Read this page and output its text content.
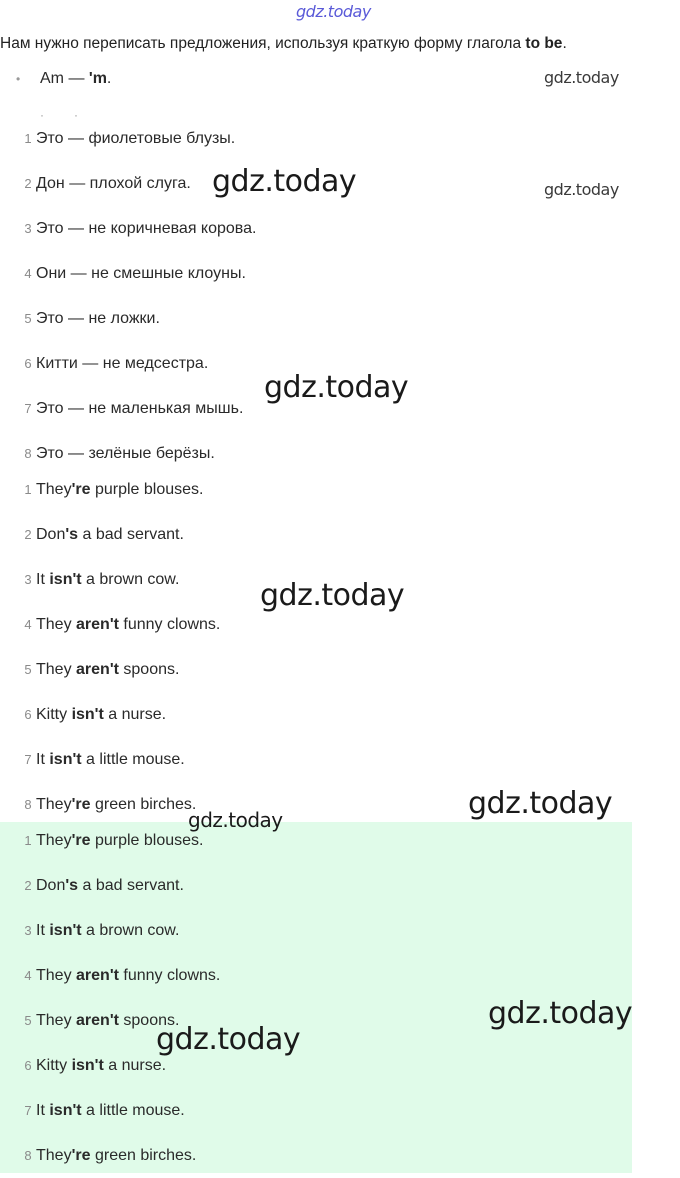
gdz.today
Нам нужно переписать предложения, используя краткую форму глагола to be.
• Am — 'm.
··
1 Это — фиолетовые блузы.
2 Дон — плохой слуга.
3 Это — не коричневая корова.
4 Они — не смешные клоуны.
5 Это — не ложки.
6 Китти — не медсестра.
7 Это — не маленькая мышь.
8 Это — зелёные берёзы.
1 They're purple blouses.
2 Don's a bad servant.
3 It isn't a brown cow.
4 They aren't funny clowns.
5 They aren't spoons.
6 Kitty isn't a nurse.
7 It isn't a little mouse.
8 They're green birches.
1 They're purple blouses.
2 Don's a bad servant.
3 It isn't a brown cow.
4 They aren't funny clowns.
5 They aren't spoons.
6 Kitty isn't a nurse.
7 It isn't a little mouse.
8 They're green birches.
gdz.today
gdz.today
gdz.today
gdz.today
gdz.today
gdz.today
gdz.today
gdz.today
gdz.today
